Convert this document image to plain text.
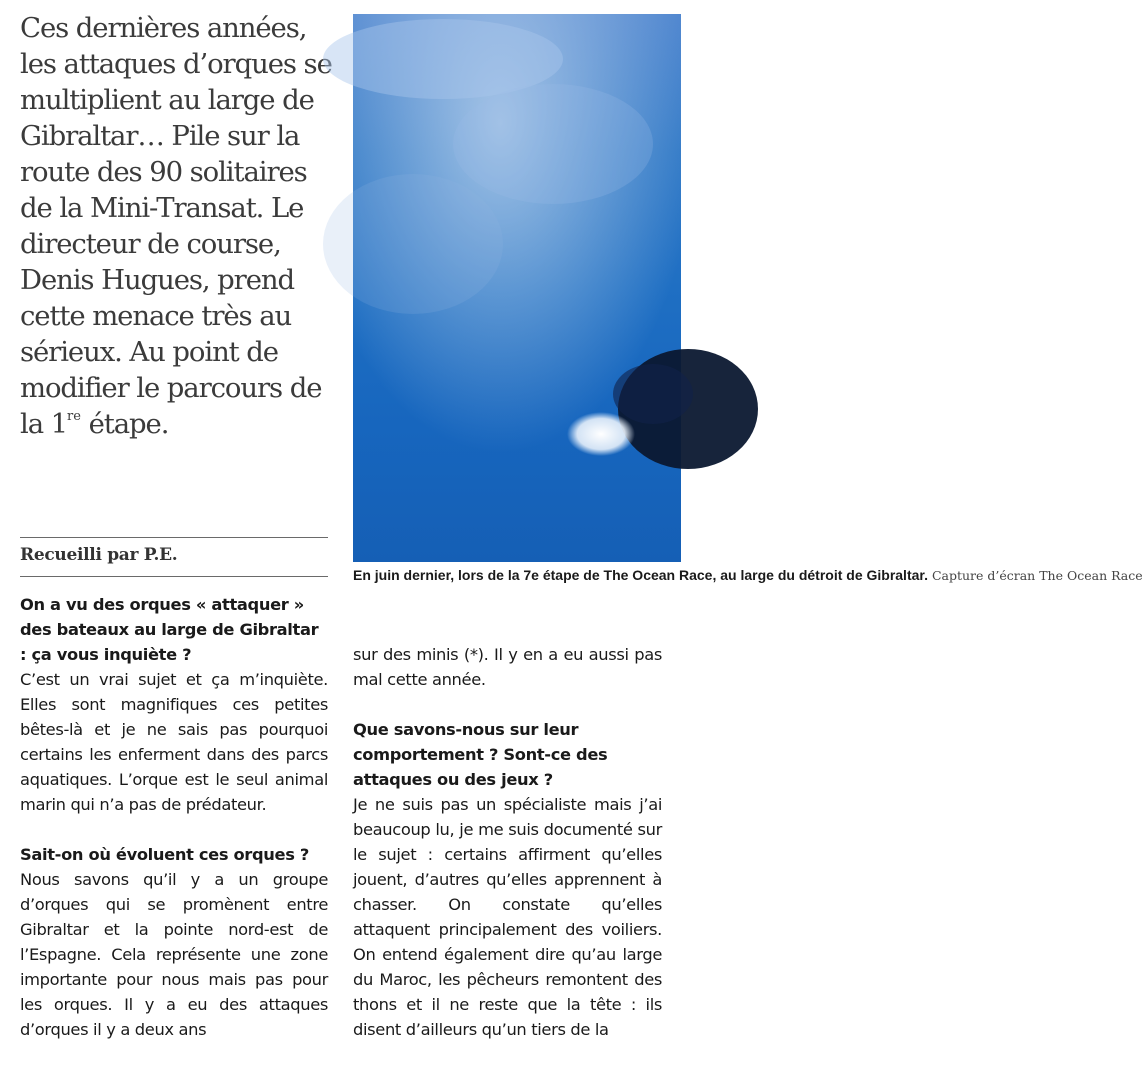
Ces dernières années, les attaques d’orques se multiplient au large de Gibraltar… Pile sur la route des 90 solitaires de la Mini-Transat. Le directeur de course, Denis Hugues, prend cette menace très au sérieux. Au point de modifier le parcours de la 1re étape.

Recueilli par P.E.

En juin dernier, lors de la 7e étape de The Ocean Race, au large du détroit de Gibraltar. Capture d’écran The Ocean Race

On a vu des orques « attaquer » des bateaux au large de Gibraltar : ça vous inquiète ?

C’est un vrai sujet et ça m’inquiète. Elles sont magnifiques ces petites bêtes-là et je ne sais pas pourquoi certains les enferment dans des parcs aquatiques. L’orque est le seul animal marin qui n’a pas de prédateur.

Sait-on où évoluent ces orques ?

Nous savons qu’il y a un groupe d’orques qui se promènent entre Gibraltar et la pointe nord-est de l’Espagne. Cela représente une zone importante pour nous mais pas pour les orques. Il y a eu des attaques d’orques il y a deux ans

sur des minis (*). Il y en a eu aussi pas mal cette année.

Que savons-nous sur leur comportement ? Sont-ce des attaques ou des jeux ?

Je ne suis pas un spécialiste mais j’ai beaucoup lu, je me suis documenté sur le sujet : certains affirment qu’elles jouent, d’autres qu’elles apprennent à chasser. On constate qu’elles attaquent principalement des voiliers. On entend également dire qu’au large du Maroc, les pêcheurs remontent des thons et il ne reste que la tête : ils disent d’ailleurs qu’un tiers de la
